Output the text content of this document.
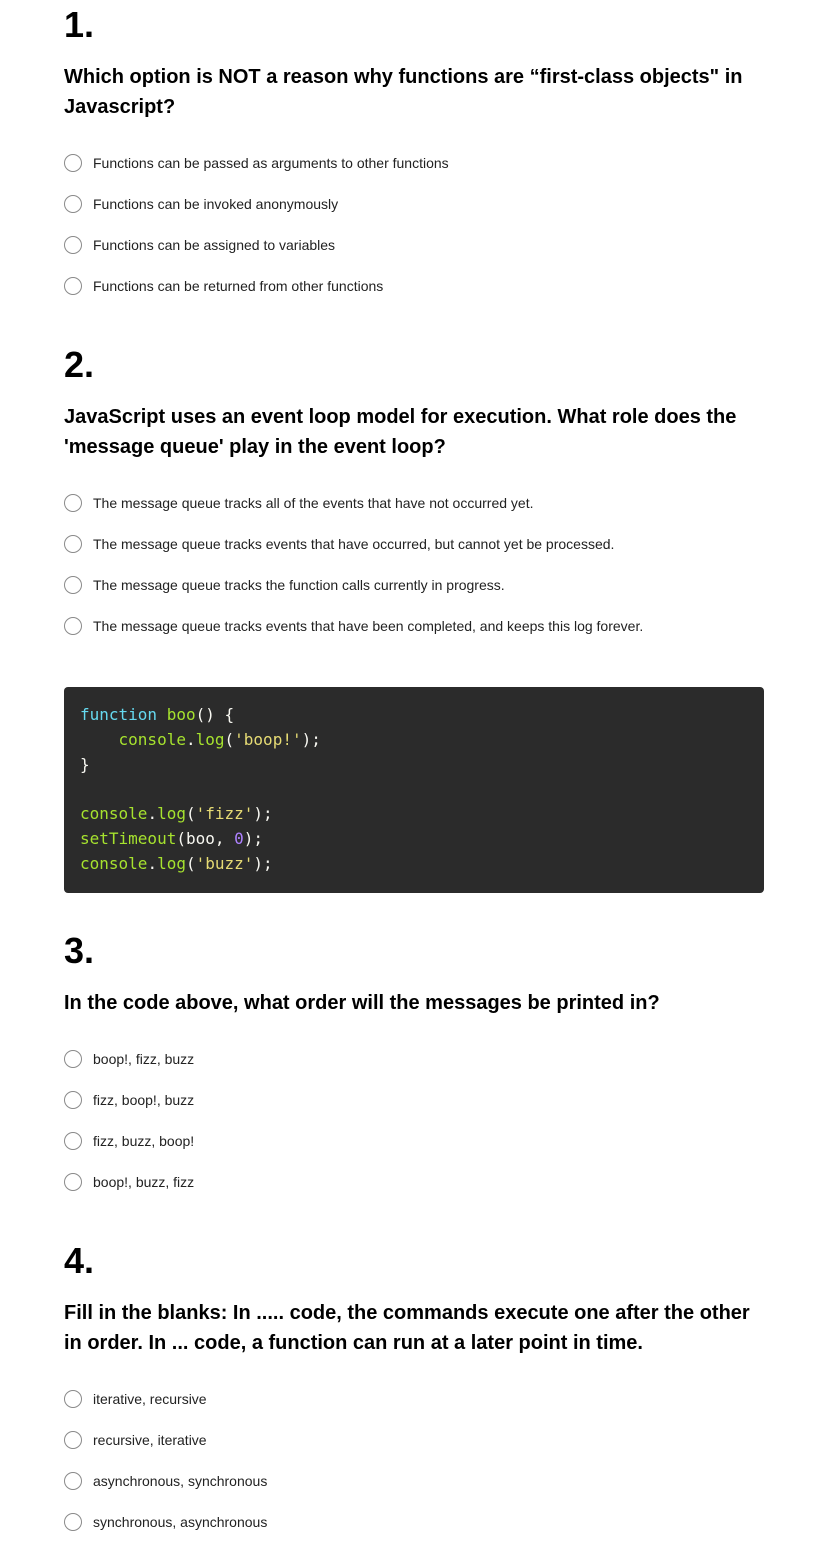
1.

Which option is NOT a reason why functions are “first-class objects" in Javascript?

Functions can be passed as arguments to other functions
Functions can be invoked anonymously
Functions can be assigned to variables
Functions can be returned from other functions
2.

JavaScript uses an event loop model for execution. What role does the 'message queue' play in the event loop?

The message queue tracks all of the events that have not occurred yet.
The message queue tracks events that have occurred, but cannot yet be processed.
The message queue tracks the function calls currently in progress.
The message queue tracks events that have been completed, and keeps this log forever.
function boo() {
console.log('boop!');
}

console.log('fizz');
setTimeout(boo, 0);
console.log('buzz');
3.

In the code above, what order will the messages be printed in?

boop!, fizz, buzz
fizz, boop!, buzz
fizz, buzz, boop!
boop!, buzz, fizz
4.

Fill in the blanks: In ..... code, the commands execute one after the other in order. In ... code, a function can run at a later point in time.

iterative, recursive
recursive, iterative
asynchronous, synchronous
synchronous, asynchronous
